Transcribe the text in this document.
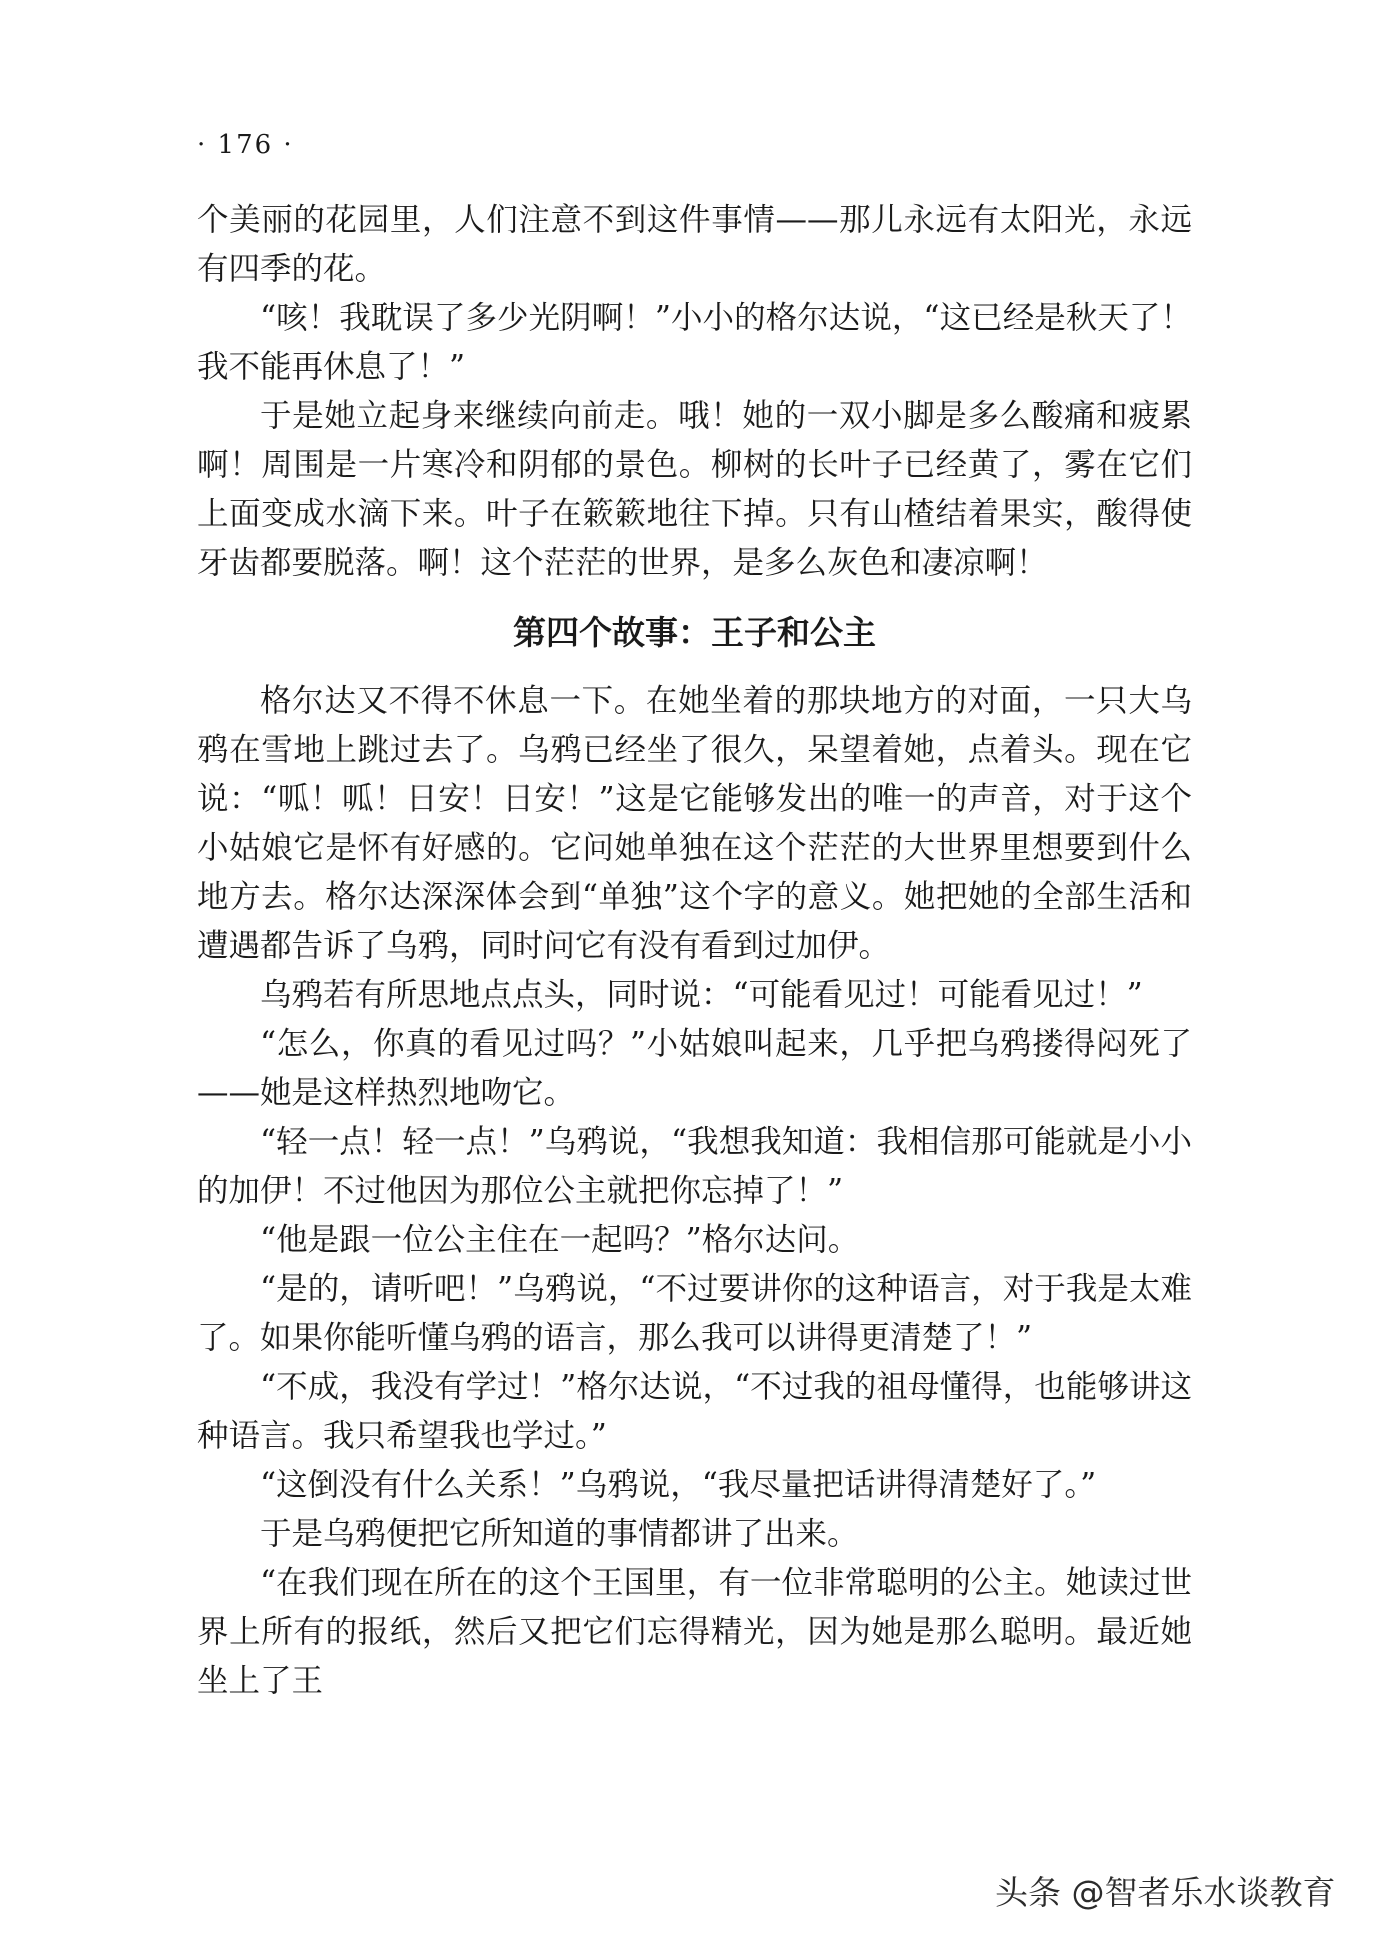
· 176 ·

个美丽的花园里，人们注意不到这件事情——那儿永远有太阳光，永远有四季的花。

“咳！我耽误了多少光阴啊！”小小的格尔达说，“这已经是秋天了！我不能再休息了！”

于是她立起身来继续向前走。哦！她的一双小脚是多么酸痛和疲累啊！周围是一片寒冷和阴郁的景色。柳树的长叶子已经黄了，雾在它们上面变成水滴下来。叶子在簌簌地往下掉。只有山楂结着果实，酸得使牙齿都要脱落。啊！这个茫茫的世界，是多么灰色和凄凉啊！

第四个故事：王子和公主

格尔达又不得不休息一下。在她坐着的那块地方的对面，一只大乌鸦在雪地上跳过去了。乌鸦已经坐了很久，呆望着她，点着头。现在它说：“呱！呱！日安！日安！”这是它能够发出的唯一的声音，对于这个小姑娘它是怀有好感的。它问她单独在这个茫茫的大世界里想要到什么地方去。格尔达深深体会到“单独”这个字的意义。她把她的全部生活和遭遇都告诉了乌鸦，同时问它有没有看到过加伊。

乌鸦若有所思地点点头，同时说：“可能看见过！可能看见过！”

“怎么，你真的看见过吗？”小姑娘叫起来，几乎把乌鸦搂得闷死了——她是这样热烈地吻它。

“轻一点！轻一点！”乌鸦说，“我想我知道：我相信那可能就是小小的加伊！不过他因为那位公主就把你忘掉了！”

“他是跟一位公主住在一起吗？”格尔达问。

“是的，请听吧！”乌鸦说，“不过要讲你的这种语言，对于我是太难了。如果你能听懂乌鸦的语言，那么我可以讲得更清楚了！”

“不成，我没有学过！”格尔达说，“不过我的祖母懂得，也能够讲这种语言。我只希望我也学过。”

“这倒没有什么关系！”乌鸦说，“我尽量把话讲得清楚好了。”

于是乌鸦便把它所知道的事情都讲了出来。

“在我们现在所在的这个王国里，有一位非常聪明的公主。她读过世界上所有的报纸，然后又把它们忘得精光，因为她是那么聪明。最近她坐上了王

头条 @智者乐水谈教育
